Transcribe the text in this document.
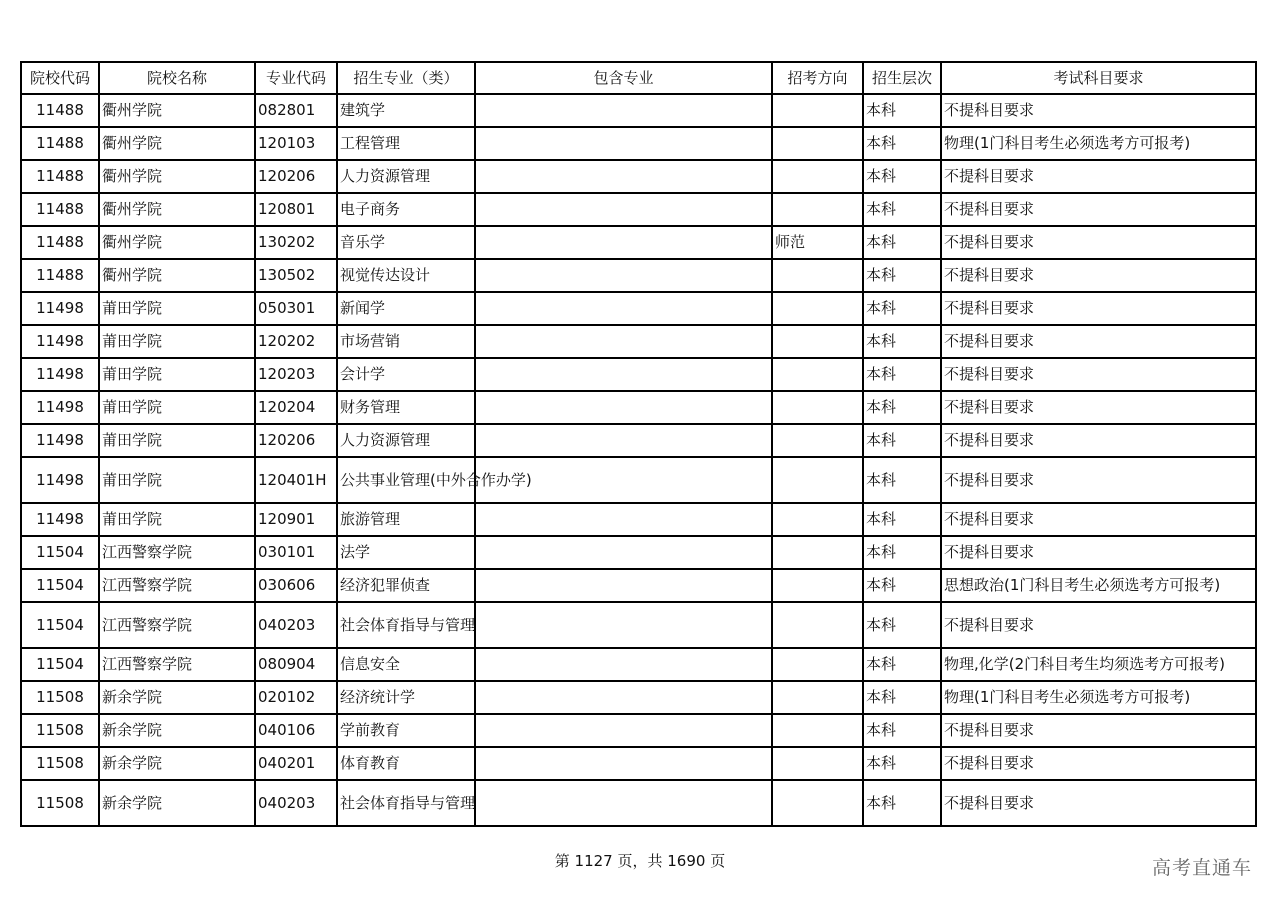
院校代码	院校名称	专业代码	招生专业（类）	包含专业	招考方向	招生层次	考试科目要求
11488	衢州学院	082801	建筑学			本科	不提科目要求
11488	衢州学院	120103	工程管理			本科	物理(1门科目考生必须选考方可报考)
11488	衢州学院	120206	人力资源管理			本科	不提科目要求
11488	衢州学院	120801	电子商务			本科	不提科目要求
11488	衢州学院	130202	音乐学		师范	本科	不提科目要求
11488	衢州学院	130502	视觉传达设计			本科	不提科目要求
11498	莆田学院	050301	新闻学			本科	不提科目要求
11498	莆田学院	120202	市场营销			本科	不提科目要求
11498	莆田学院	120203	会计学			本科	不提科目要求
11498	莆田学院	120204	财务管理			本科	不提科目要求
11498	莆田学院	120206	人力资源管理			本科	不提科目要求
11498	莆田学院	120401H	公共事业管理(中外合作办学)			本科	不提科目要求
11498	莆田学院	120901	旅游管理			本科	不提科目要求
11504	江西警察学院	030101	法学			本科	不提科目要求
11504	江西警察学院	030606	经济犯罪侦查			本科	思想政治(1门科目考生必须选考方可报考)
11504	江西警察学院	040203	社会体育指导与管理			本科	不提科目要求
11504	江西警察学院	080904	信息安全			本科	物理,化学(2门科目考生均须选考方可报考)
11508	新余学院	020102	经济统计学			本科	物理(1门科目考生必须选考方可报考)
11508	新余学院	040106	学前教育			本科	不提科目要求
11508	新余学院	040201	体育教育			本科	不提科目要求
11508	新余学院	040203	社会体育指导与管理			本科	不提科目要求
第 1127 页，共 1690 页	高考直通车
